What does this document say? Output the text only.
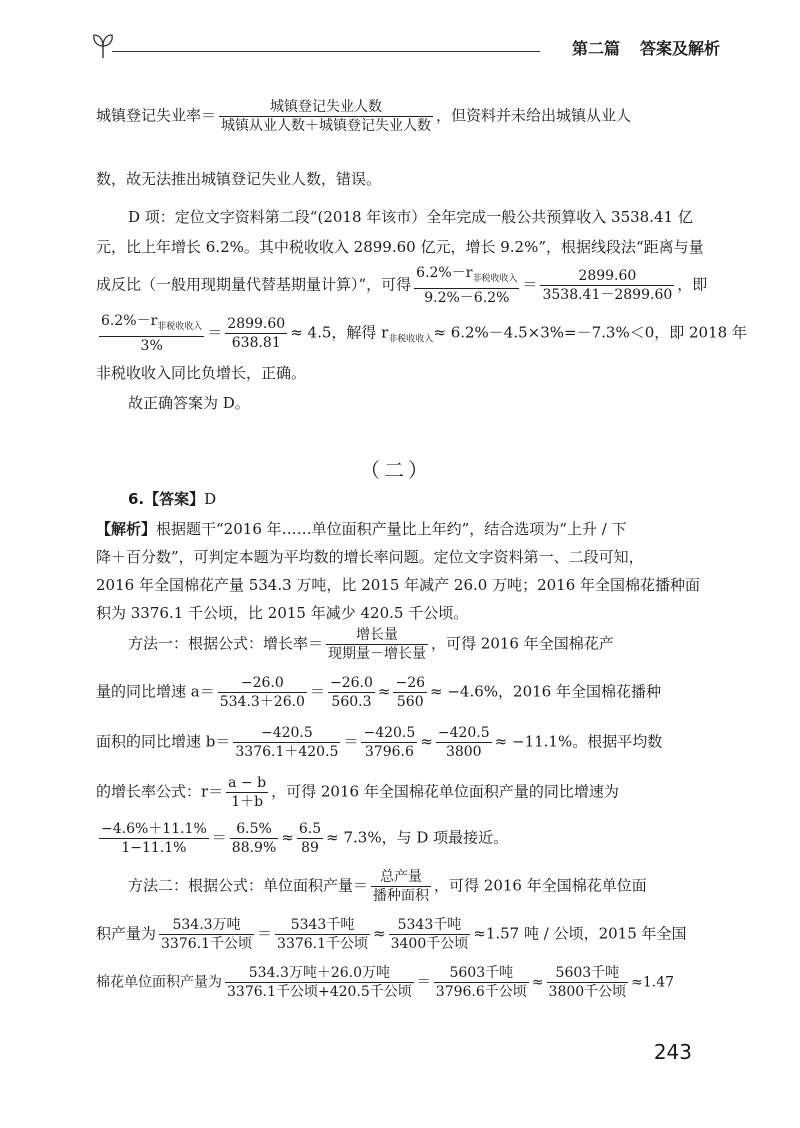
第二篇 答案及解析
城镇登记失业率＝ $\frac{\text{城镇登记失业人数}}{\text{城镇从业人数＋城镇登记失业人数}}$ ，但资料并未给出城镇从业人
数，故无法推出城镇登记失业人数，错误。
D 项：定位文字资料第二段“(2018 年该市）全年完成一般公共预算收入 3538.41 亿
元，比上年增长 6.2%。其中税收收入 2899.60 亿元，增长 9.2%”，根据线段法“距离与量
成反比（一般用现期量代替基期量计算）”，可得 $\frac{6.2\%-r_{非税收收入}}{9.2\%-6.2\%} = \frac{2899.60}{3538.41-2899.60}$ ，即
$\frac{6.2\%-r_{非税收收入}}{3\%} = \frac{2899.60}{638.81} \approx 4.5$，解得 $r_{非税收收入}\approx 6.2\%-4.5\times 3\%=-7.3\%<0$，即 2018 年
非税收收入同比负增长，正确。
故正确答案为 D。
（二）
6.【答案】D
【解析】根据题干“2016 年……单位面积产量比上年约”，结合选项为“上升 / 下
降＋百分数”，可判定本题为平均数的增长率问题。定位文字资料第一、二段可知，
2016 年全国棉花产量 534.3 万吨，比 2015 年减产 26.0 万吨；2016 年全国棉花播种面
积为 3376.1 千公顷，比 2015 年减少 420.5 千公顷。
方法一：根据公式：增长率＝ $\frac{\text{增长量}}{\text{现期量－增长量}}$ ，可得 2016 年全国棉花产
量的同比增速 $a= \frac{-26.0}{534.3+26.0} = \frac{-26.0}{560.3} \approx \frac{-26}{560} \approx -4.6\%$，2016 年全国棉花播种
面积的同比增速 $b= \frac{-420.5}{3376.1+420.5} = \frac{-420.5}{3796.6} \approx \frac{-420.5}{3800} \approx -11.1\%$。根据平均数
的增长率公式：$r= \frac{a - b}{1+b}$ ，可得 2016 年全国棉花单位面积产量的同比增速为
$\frac{-4.6\%+11.1\%}{1-11.1\%} = \frac{6.5\%}{88.9\%} \approx \frac{6.5}{89} \approx 7.3\%$，与 D 项最接近。
方法二：根据公式：单位面积产量＝ $\frac{\text{总产量}}{\text{播种面积}}$ ，可得 2016 年全国棉花单位面
积产量为 $\frac{\text{534.3万吨}}{\text{3376.1千公顷}} = \frac{\text{5343千吨}}{\text{3376.1千公顷}} \approx \frac{\text{5343千吨}}{\text{3400千公顷}} \approx 1.57$ 吨 / 公顷，2015 年全国
棉花单位面积产量为 $\frac{\text{534.3万吨＋26.0万吨}}{\text{3376.1千公顷+420.5千公顷}} = \frac{\text{5603千吨}}{\text{3796.6千公顷}} \approx \frac{\text{5603千吨}}{\text{3800千公顷}} \approx 1.47$
243
